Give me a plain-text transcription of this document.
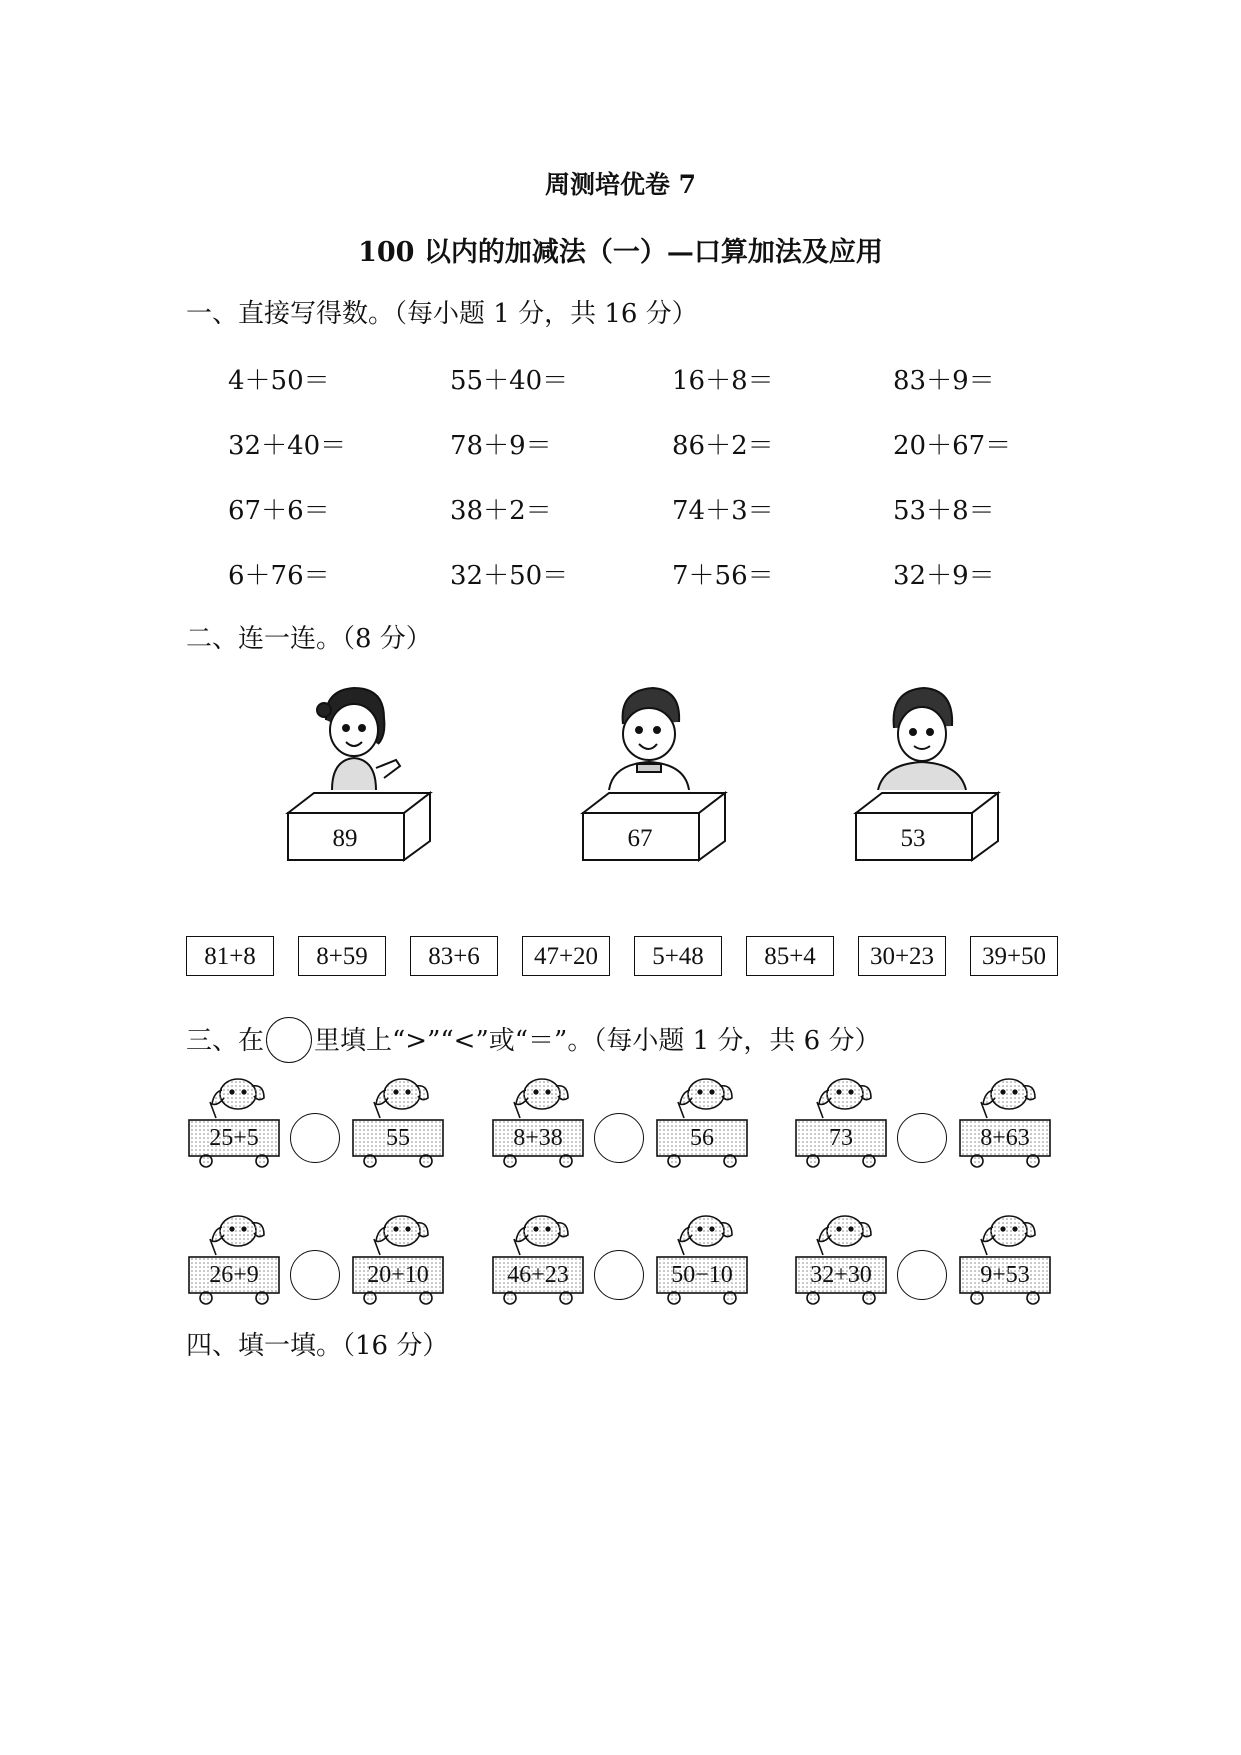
周测培优卷 7
100 以内的加减法（一）—口算加法及应用
一、直接写得数。（每小题 1 分，共 16 分）
4＋50＝	55＋40＝	16＋8＝	83＋9＝
32＋40＝	78＋9＝	86＋2＝	20＋67＝
67＋6＝	38＋2＝	74＋3＝	53＋8＝
6＋76＝	32＋50＝	7＋56＝	32＋9＝
二、连一连。（8 分）
89	67	53
81+8	8+59	83+6	47+20	5+48	85+4	30+23	39+50
三、在 里填上“>”“<”或“＝”。（每小题 1 分，共 6 分）
25+5	55	8+38	56	73	8+63
26+9	20+10	46+23	50−10	32+30	9+53
四、填一填。（16 分）
